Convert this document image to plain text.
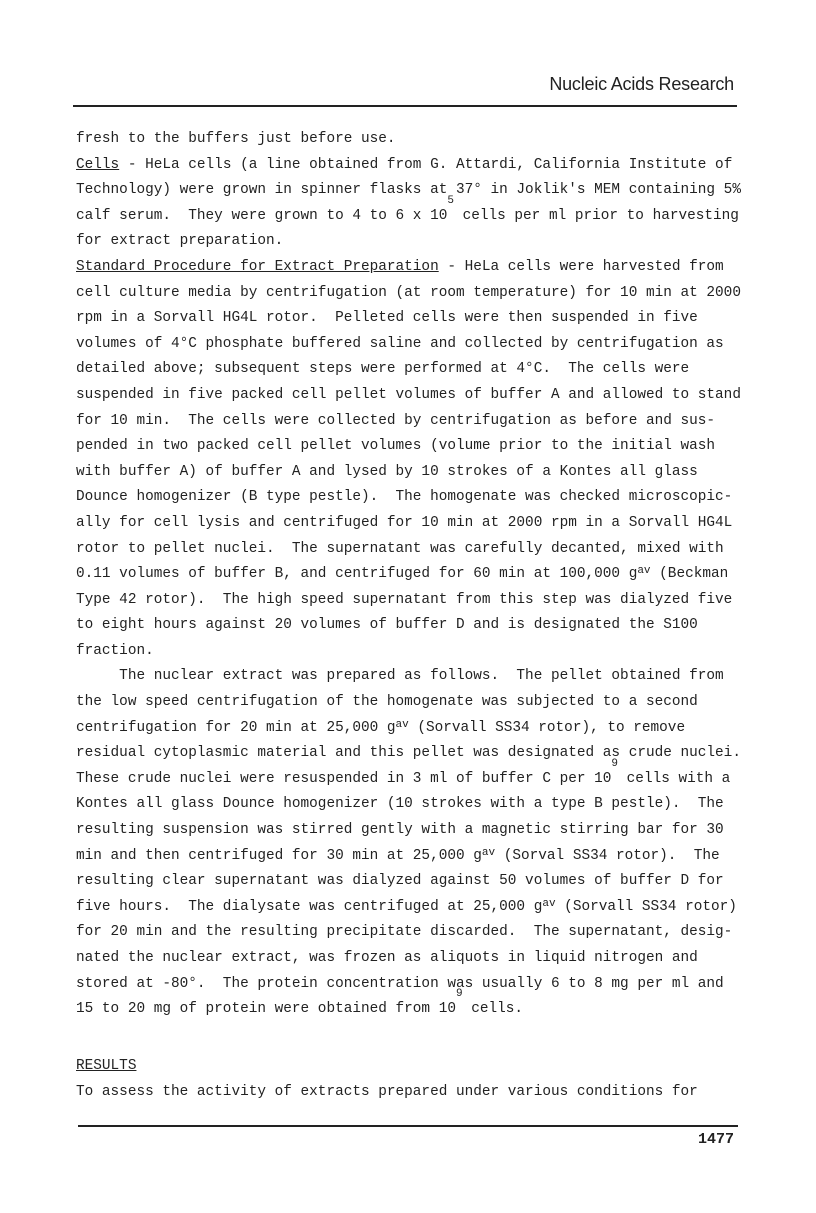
Nucleic Acids Research
fresh to the buffers just before use.
Cells - HeLa cells (a line obtained from G. Attardi, California Institute of
Technology) were grown in spinner flasks at 37° in Joklik's MEM containing 5%
calf serum.  They were grown to 4 to 6 x $10^5$ cells per ml prior to harvesting
for extract preparation.
Standard Procedure for Extract Preparation - HeLa cells were harvested from
cell culture media by centrifugation (at room temperature) for 10 min at 2000
rpm in a Sorvall HG4L rotor.  Pelleted cells were then suspended in five
volumes of 4°C phosphate buffered saline and collected by centrifugation as
detailed above; subsequent steps were performed at 4°C.  The cells were
suspended in five packed cell pellet volumes of buffer A and allowed to stand
for 10 min.  The cells were collected by centrifugation as before and sus-
pended in two packed cell pellet volumes (volume prior to the initial wash
with buffer A) of buffer A and lysed by 10 strokes of a Kontes all glass
Dounce homogenizer (B type pestle).  The homogenate was checked microscopic-
ally for cell lysis and centrifuged for 10 min at 2000 rpm in a Sorvall HG4L
rotor to pellet nuclei.  The supernatant was carefully decanted, mixed with
0.11 volumes of buffer B, and centrifuged for 60 min at 100,000 $g_{av}$ (Beckman
Type 42 rotor).  The high speed supernatant from this step was dialyzed five
to eight hours against 20 volumes of buffer D and is designated the S100
fraction.
The nuclear extract was prepared as follows.  The pellet obtained from
the low speed centrifugation of the homogenate was subjected to a second
centrifugation for 20 min at 25,000 $g_{av}$ (Sorvall SS34 rotor), to remove
residual cytoplasmic material and this pellet was designated as crude nuclei.
These crude nuclei were resuspended in 3 ml of buffer C per $10^9$ cells with a
Kontes all glass Dounce homogenizer (10 strokes with a type B pestle).  The
resulting suspension was stirred gently with a magnetic stirring bar for 30
min and then centrifuged for 30 min at 25,000 $g_{av}$ (Sorval SS34 rotor).  The
resulting clear supernatant was dialyzed against 50 volumes of buffer D for
five hours.  The dialysate was centrifuged at 25,000 $g_{av}$ (Sorvall SS34 rotor)
for 20 min and the resulting precipitate discarded.  The supernatant, desig-
nated the nuclear extract, was frozen as aliquots in liquid nitrogen and
stored at -80°.  The protein concentration was usually 6 to 8 mg per ml and
15 to 20 mg of protein were obtained from $10^9$ cells.
RESULTS
To assess the activity of extracts prepared under various conditions for
1477
